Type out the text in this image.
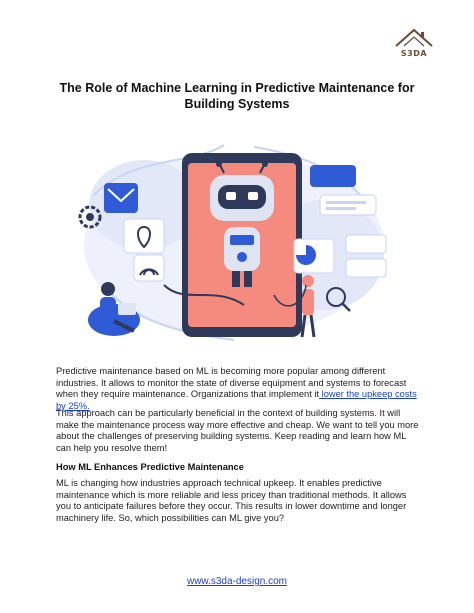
S3DA
The Role of Machine Learning in Predictive Maintenance for Building Systems
Predictive maintenance based on ML is becoming more popular among different industries. It allows to monitor the state of diverse equipment and systems to forecast when they require maintenance. Organizations that implement it lower the upkeep costs by 25%.
This approach can be particularly beneficial in the context of building systems. It will make the maintenance process way more effective and cheap. We want to tell you more about the challenges of preserving building systems. Keep reading and learn how ML can help you resolve them!
How ML Enhances Predictive Maintenance
ML is changing how industries approach technical upkeep. It enables predictive maintenance which is more reliable and less pricey than traditional methods. It allows you to anticipate failures before they occur. This results in lower downtime and longer machinery life. So, which possibilities can ML give you?
www.s3da-design.com
